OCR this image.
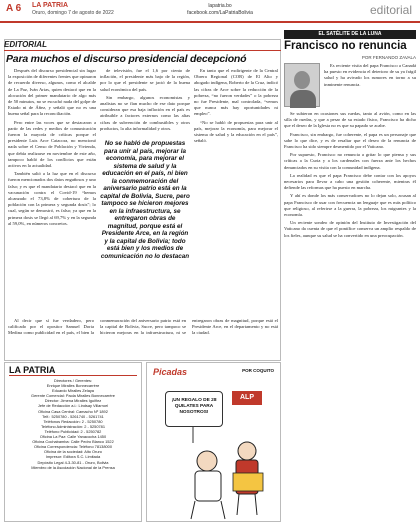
A 6 LA PATRIA
Oruro, domingo 7 de agosto de 2022
lapatria.bo
facebook.com/LaPatriaBolivia	editorial
EDITORIAL
Para muchos el discurso presidencial decepcionó

Después del discurso presidencial sin lugar la exposición de diferentes frentes que opinaron de recuerdo diverso, algunos, como el alcalde de La Paz, Iván Arias, quien destacó que en la alocución del primer mandatario de algo más de 50 minutos, no se escuchó nada del golpe de Estado ni de Áñez, y señaló que no es una buena señal para la reconciliación.

Pero entre las voces que se destacaron a partir de las redes y medios de comunicación fueron la mayoría de críticas porque el presidente Luis Arce Catacora, no mencionó nada sobre el Censo de Población y Vivienda, que debía realizarse en noviembre de este año, tampoco habló de los conflictos que están activos en la actualidad.

También salió a la luz que en el discurso fueron mencionados dos datos engañosos y uno falso; y es que el mandatario destacó que en la vacunación contra el Covid-19 “hemos alcanzado el 73,8% de cobertura de la población con la primera y segunda dosis”; lo cual, según se demostró, es falso; ya que en la primera dosis se llegó al 69,7% y en la segunda al 59,0%, en números concretos.

de televisión, fue el 1,6 por ciento de inflación, el presidente más bajo de la región, por lo que el presidente se jactó de la buena salud económica del país.

Sin embargo, algunos economistas y analistas no se fían mucho de ese dato porque consideran que esa baja inflación en el país es atribuible a factores externos como las altas cifras de subvención de combustibles y otros productos, la alta informalidad y otros.

No se habló de propuestas para unir al país, mejorar la economía, para mejorar el sistema de salud y la educación en el país, ni bien la conmemoración del aniversario patrio está en la capital de Bolivia, Sucre, pero tampoco se hicieron mejores en la infraestructura, se entregaron obras de magnitud, porque está el Presidente Arce, en la región y la capital de Bolivia; todo está bien y los medios de comunicación no lo destacan

En tanto que el exdirigente de la Central Obrera Regional (COR) de El Alto y abogado indígena, Roberto de la Cruz, indicó las cifras de Arce sobre la reducción de la pobreza, “no fueron verdades” o la pobreza no fue Presidente, mal controlada, “vemos que nunca más hay oportunidades ni empleo”.

“No se habló de propuestas para unir al país, mejorar la economía, para mejorar el sistema de salud y la educación en el país”, señaló.

Al decir que sí fue verdadero, pero calificado por el opositor Samuel Doria Medina como publicidad en el país, el bien la conmemoración del aniversario patrio está en la capital de Bolivia, Sucre, pero tampoco se hicieron mejoras en la infraestructura, ni se entregaron obras de magnitud, porque está el Presidente Arce, en el departamento y no está la ciudad.

LA PATRIA
Directores / Gerentes:
Enrique Miralles Bonnecarrère
Eduardo Miralles Zelaya
Gerente Comercial: Paola Miralles Bonnecarrère
Director: Jimena Miralles Iguiñez
Jefe de Redacción a.i.: Lindsay Villarroel
Oficina Casa Central: Camacho Nº 1892
Telf.: 5250780 - 5261740 - 5261741
Teléfonos Redacción: 2 - 5250780
Teléfono Administración: 2 - 5250781
Teléfono Publicidad: 2 - 5250782
Oficina La Paz: Calle Yanacocha 1450
Oficina Cochabamba: Calle Pedro Blanco 1522
Oficina Correspondencia: Teléfono 78138000
Oficina de la sociedad: Alto Oruro
Impresor: Editora S.C. Limitada
Depósito Legal 4-3-30-81 - Oruro, Bolivia
Miembro de la Asociación Nacional de la Prensa
Picadas	POR COQUITO
¡UN REGALO DE 28 QUILATES PARA NOSOTROS!
ALP
EL SATÉLITE DE LA LUNA
Francisco no renuncia
POR FERNANDO ZAVALA

Es reciente visita del papa Francisco a Canadá ha puesto en evidencia el deterioro de su ya frágil salud y ha avivado los rumores en torno a su inminente renuncia.

Se subieron en ocasiones sus ruedas, tanto al avión, como en las silla de ruedas, y que a pesar de su estado físico, Francisco ha dicho que el deseo de la Iglesia no es que su papado se acabe.

Francisco, sin embargo, fue coherente, el papa es un personaje que sabe lo que dice, y es de resaltar que el deseo de la renuncia de Francisco ha sido siempre desmentido por el Vaticano.

Por supuesto, Francisco no renuncia a gritar lo que piensa y sus críticas a la Curia y a los cardenales con fuerza ante los hechos denunciados en su visita con la comunidad indígena.

La realidad es que el papa Francisco debe contar con los apoyos necesarios para llevar a cabo una gestión coherente, mientras él defiende las reformas que ha puesto en marcha.

Y ahí es donde los más conservadores no lo dejan solo, acusan al papa Francisco de usar con frecuencia un lenguaje que es más político que religioso, al referirse a la guerra, la pobreza, los migrantes y la economía.

Un reciente sondeo de opinión del Instituto de Investigación del Vaticano da cuenta de que el pontífice conserva un amplio respaldo de los fieles, aunque su salud se ha convertido en una preocupación.
